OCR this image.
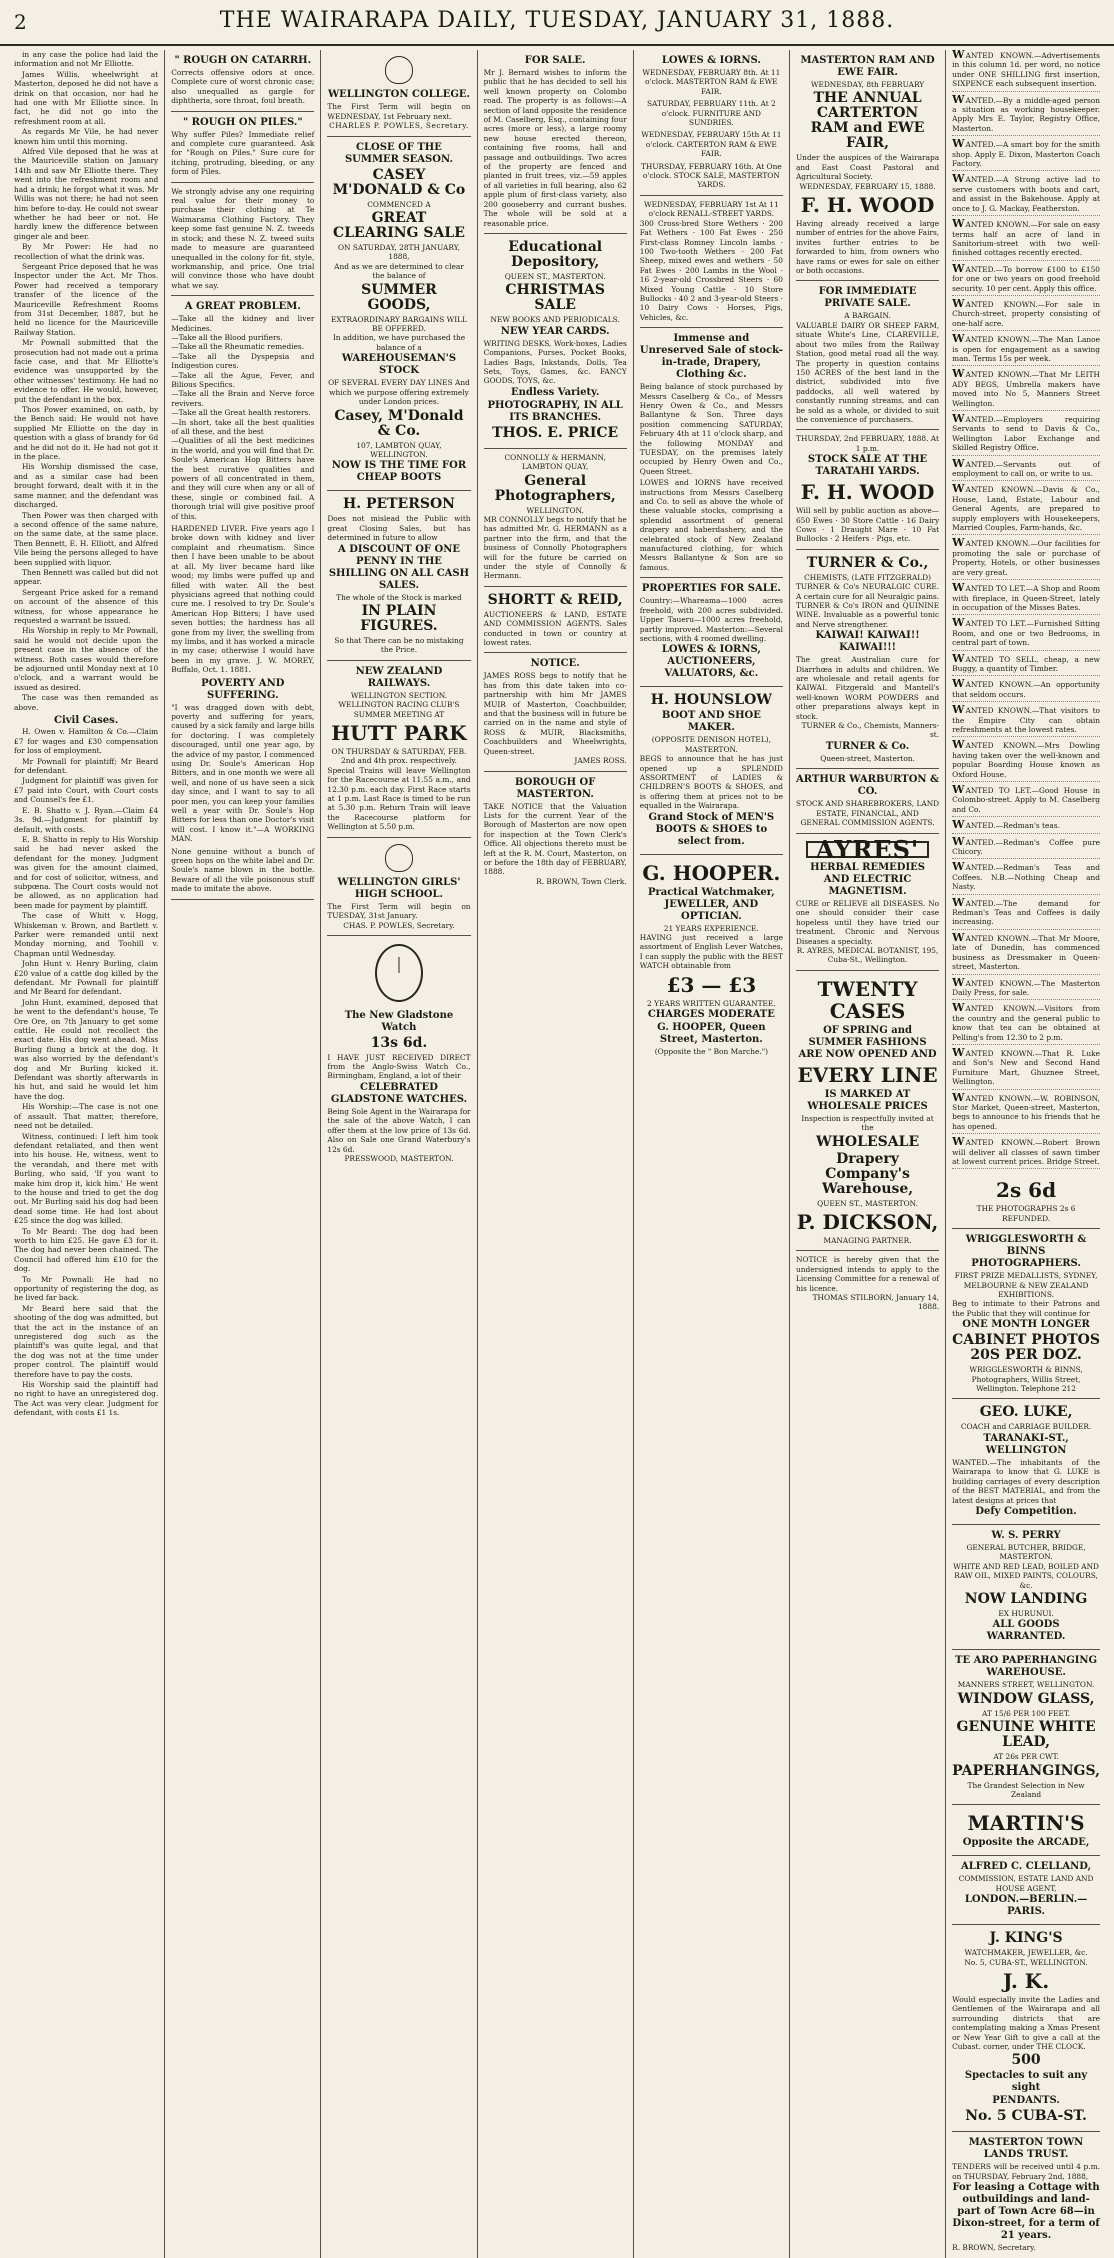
2	THE WAIRARAPA DAILY, TUESDAY, JANUARY 31, 1888.

in any case the police had laid the information and not Mr Elliotte.

James Willis, wheelwright at Masterton, deposed he did not have a drink on that occasion, nor had he had one with Mr Elliotte since. In fact, he did not go into the refreshment room at all.

As regards Mr Vile, he had never known him until this morning.

Alfred Vile deposed that he was at the Mauriceville station on January 14th and saw Mr Elliotte there. They went into the refreshment room and had a drink; he forgot what it was. Mr Willis was not there; he had not seen him before to-day. He could not swear whether he had beer or not. He hardly knew the difference between ginger ale and beer.

By Mr Power: He had no recollection of what the drink was.

Sergeant Price deposed that he was Inspector under the Act. Mr Thos. Power had received a temporary transfer of the licence of the Mauriceville Refreshment Rooms from 31st December, 1887, but he held no licence for the Mauriceville Railway Station.

Mr Pownall submitted that the prosecution had not made out a prima facie case, and that Mr Elliotte's evidence was unsupported by the other witnesses' testimony. He had no evidence to offer. He would, however, put the defendant in the box.

Thos Power examined, on oath, by the Bench said: He would not have supplied Mr Elliotte on the day in question with a glass of brandy for 6d and he did not do it. He had not got it in the place.

His Worship dismissed the case, and as a similar case had been brought forward, dealt with it in the same manner, and the defendant was discharged.

Then Power was then charged with a second offence of the same nature, on the same date, at the same place. Then Bennett, E. H. Elliott, and Alfred Vile being the persons alleged to have been supplied with liquor.

Then Bennett was called but did not appear.

Sergeant Price asked for a remand on account of the absence of this witness, for whose appearance he requested a warrant be issued.

His Worship in reply to Mr Pownall, said he would not decide upon the present case in the absence of the witness. Both cases would therefore be adjourned until Monday next at 10 o'clock, and a warrant would be issued as desired.

The case was then remanded as above.

Civil Cases.

H. Owen v. Hamilton & Co.—Claim £7 for wages and £30 compensation for loss of employment.

Mr Pownall for plaintiff; Mr Beard for defendant.

Judgment for plaintiff was given for £7 paid into Court, with Court costs and Counsel's fee £1.

E. B. Shatto v. J. Ryan.—Claim £4 3s. 9d.—Judgment for plaintiff by default, with costs.

E. B. Shatto in reply to His Worship said he had never asked the defendant for the money. Judgment was given for the amount claimed, and for cost of solicitor, witness, and subpœna. The Court costs would not be allowed, as no application had been made for payment by plaintiff.

The case of Whitt v. Hogg, Whiskeman v. Brown, and Bartlett v. Parker were remanded until next Monday morning, and Toohill v. Chapman until Wednesday.

John Hunt v. Henry Burling, claim £20 value of a cattle dog killed by the defendant. Mr Pownall for plaintiff and Mr Beard for defendant.

John Hunt, examined, deposed that he went to the defendant's house, Te Ore Ore, on 7th January to get some cattle. He could not recollect the exact date. His dog went ahead. Miss Burling flung a brick at the dog. It was also worried by the defendant's dog and Mr Burling kicked it. Defendant was shortly afterwards in his hut, and said he would let him have the dog.

His Worship:—The case is not one of assault. That matter, therefore, need not be detailed.

Witness, continued: I left him took defendant retaliated, and then went into his house. He, witness, went to the verandah, and there met with Burling, who said, 'If you want to make him drop it, kick him.' He went to the house and tried to get the dog out. Mr Burling said his dog had been dead some time. He had lost about £25 since the dog was killed.

To Mr Beard: The dog had been worth to him £25. He gave £3 for it. The dog had never been chained. The Council had offered him £10 for the dog.

To Mr Pownall: He had no opportunity of registering the dog, as he lived far back.

Mr Beard here said that the shooting of the dog was admitted, but that the act in the instance of an unregistered dog such as the plaintiff's was quite legal, and that the dog was not at the time under proper control. The plaintiff would therefore have to pay the costs.

His Worship said the plaintiff had no right to have an unregistered dog. The Act was very clear. Judgment for defendant, with costs £1 1s.

" ROUGH ON CATARRH.
Corrects offensive odors at once. Complete cure of worst chronic case; also unequalled as gargle for diphtheria, sore throat, foul breath.
" ROUGH ON PILES."
Why suffer Piles? Immediate relief and complete cure guaranteed. Ask for "Rough on Piles." Sure cure for itching, protruding, bleeding, or any form of Piles.
We strongly advise any one requiring real value for their money to purchase their clothing at Te Waimarama Clothing Factory. They keep some fast genuine N. Z. tweeds in stock; and these N. Z. tweed suits made to measure are guaranteed unequalled in the colony for fit, style, workmanship, and price. One trial will convince those who have doubt what we say.
A GREAT PROBLEM.
—Take all the kidney and liver Medicines.
—Take all the Blood purifiers.
—Take all the Rheumatic remedies.
—Take all the Dyspepsia and Indigestion cures.
—Take all the Ague, Fever, and Bilious Specifics.
—Take all the Brain and Nerve force revivers.
—Take all the Great health restorers.
—In short, take all the best qualities of all these, and the best
—Qualities of all the best medicines in the world, and you will find that Dr. Soule's American Hop Bitters have the best curative qualities and powers of all concentrated in them, and they will cure when any or all of these, single or combined fail. A thorough trial will give positive proof of this.
HARDENED LIVER. Five years ago I broke down with kidney and liver complaint and rheumatism. Since then I have been unable to be about at all. My liver became hard like wood; my limbs were puffed up and filled with water. All the best physicians agreed that nothing could cure me. I resolved to try Dr. Soule's American Hop Bitters; I have used seven bottles; the hardness has all gone from my liver, the swelling from my limbs, and it has worked a miracle in my case; otherwise I would have been in my grave. J. W. MOREY, Buffalo, Oct. 1. 1881.
POVERTY AND SUFFERING.
"I was dragged down with debt, poverty and suffering for years, caused by a sick family and large bills for doctoring. I was completely discouraged, until one year ago, by the advice of my pastor, I commenced using Dr. Soule's American Hop Bitters, and in one month we were all well, and none of us have seen a sick day since, and I want to say to all poor men, you can keep your families well a year with Dr. Soule's Hop Bitters for less than one Doctor's visit will cost. I know it."—A WORKING MAN.
None genuine without a bunch of green hops on the white label and Dr. Soule's name blown in the bottle. Beware of all the vile poisonous stuff made to imitate the above.
WELLINGTON COLLEGE.
The First Term will begin on WEDNESDAY, 1st February next.
CHARLES P. POWLES, Secretary.
CLOSE OF THE SUMMER SEASON.
CASEY M'DONALD & Co
COMMENCED A
GREAT CLEARING SALE
ON SATURDAY, 28TH JANUARY, 1888,
And as we are determined to clear the balance of
SUMMER GOODS,
EXTRAORDINARY BARGAINS WILL BE OFFERED.
In addition, we have purchased the balance of a
WAREHOUSEMAN'S STOCK
OF SEVERAL EVERY DAY LINES And which we purpose offering extremely under London prices.
Casey, M'Donald & Co.
107, LAMBTON QUAY, WELLINGTON.
NOW IS THE TIME FOR CHEAP BOOTS
H. PETERSON
Does not mislead the Public with great Closing Sales, but has determined in future to allow
A DISCOUNT OF ONE PENNY IN THE SHILLING ON ALL CASH SALES.
The whole of the Stock is marked
IN PLAIN FIGURES.
So that There can be no mistaking the Price.
NEW ZEALAND RAILWAYS.
WELLINGTON SECTION.
WELLINGTON RACING CLUB'S SUMMER MEETING AT
HUTT PARK
ON THURSDAY & SATURDAY, FEB. 2nd and 4th prox. respectively.
Special Trains will leave Wellington for the Racecourse at 11.55 a.m., and 12.30 p.m. each day. First Race starts at 1 p.m. Last Race is timed to be run at 5.30 p.m. Return Train will leave the Racecourse platform for Wellington at 5.50 p.m.
WELLINGTON GIRLS' HIGH SCHOOL.
The First Term will begin on TUESDAY, 31st January.
CHAS. P. POWLES, Secretary.
The New Gladstone Watch
13s 6d.
I HAVE JUST RECEIVED DIRECT from the Anglo-Swiss Watch Co., Birmingham, England, a lot of their
CELEBRATED GLADSTONE WATCHES.
Being Sole Agent in the Wairarapa for the sale of the above Watch, I can offer them at the low price of 13s 6d. Also on Sale one Grand Waterbury's 12s 6d.
PRESSWOOD, MASTERTON.
FOR SALE.
Mr J. Bernard wishes to inform the public that he has decided to sell his well known property on Colombo road. The property is as follows:—A section of land opposite the residence of M. Caselberg, Esq., containing four acres (more or less), a large roomy new house erected thereon, containing five rooms, hall and passage and outbuildings. Two acres of the property are fenced and planted in fruit trees, viz.—59 apples of all varieties in full bearing, also 62 apple plum of first-class variety, also 200 gooseberry and currant bushes. The whole will be sold at a reasonable price.
Educational Depository,
QUEEN ST., MASTERTON.
CHRISTMAS SALE
NEW BOOKS AND PERIODICALS.
NEW YEAR CARDS.
WRITING DESKS, Work-boxes, Ladies Companions, Purses, Pocket Books, Ladies Bags, Inkstands, Dolls, Tea Sets, Toys, Games, &c. FANCY GOODS, TOYS, &c.
Endless Variety.
PHOTOGRAPHY, IN ALL ITS BRANCHES.
THOS. E. PRICE
CONNOLLY & HERMANN, LAMBTON QUAY,
General Photographers,
WELLINGTON.
MR CONNOLLY begs to notify that he has admitted Mr. G. HERMANN as a partner into the firm, and that the business of Connolly Photographers will for the future be carried on under the style of Connolly & Hermann.
SHORTT & REID,
AUCTIONEERS & LAND, ESTATE AND COMMISSION AGENTS. Sales conducted in town or country at lowest rates.
NOTICE.
JAMES ROSS begs to notify that he has from this date taken into co-partnership with him Mr JAMES MUIR of Masterton, Coachbuilder, and that the business will in future be carried on in the name and style of ROSS & MUIR, Blacksmiths, Coachbuilders and Wheelwrights, Queen-street.
JAMES ROSS.
BOROUGH OF MASTERTON.
TAKE NOTICE that the Valuation Lists for the current Year of the Borough of Masterton are now open for inspection at the Town Clerk's Office. All objections thereto must be left at the R. M. Court, Masterton, on or before the 18th day of FEBRUARY, 1888.
R. BROWN, Town Clerk.
LOWES & IORNS.
WEDNESDAY, FEBRUARY 8th. At 11 o'clock. MASTERTON RAM & EWE FAIR.
SATURDAY, FEBRUARY 11th. At 2 o'clock. FURNITURE AND SUNDRIES.
WEDNESDAY, FEBRUARY 15th At 11 o'clock. CARTERTON RAM & EWE FAIR.
THURSDAY, FEBRUARY 16th. At One o'clock. STOCK SALE, MASTERTON YARDS.
WEDNESDAY, FEBRUARY 1st At 11 o'clock RENALL-STREET YARDS.
300 Cross-bred Store Wethers · 200 Fat Wethers · 100 Fat Ewes · 250 First-class Romney Lincoln lambs · 100 Two-tooth Wethers · 200 Fat Sheep, mixed ewes and wethers · 50 Fat Ewes · 200 Lambs in the Wool · 16 2-year-old Crossbred Steers · 60 Mixed Young Cattle · 10 Store Bullocks · 40 2 and 3-year-old Steers · 10 Dairy Cows · Horses, Pigs, Vehicles, &c.
Immense and Unreserved Sale of stock-in-trade, Drapery, Clothing &c.
Being balance of stock purchased by Messrs Caselberg & Co., of Messrs Henry Owen & Co., and Messrs Ballantyne & Son. Three days position commencing SATURDAY, February 4th at 11 o'clock sharp, and the following MONDAY and TUESDAY, on the premises lately occupied by Henry Owen and Co., Queen Street.
LOWES and IORNS have received instructions from Messrs Caselberg and Co. to sell as above the whole of these valuable stocks, comprising a splendid assortment of general drapery and haberdashery, and the celebrated stock of New Zealand manufactured clothing, for which Messrs Ballantyne & Son are so famous.
PROPERTIES FOR SALE.
Country:—Whareama—1000 acres freehold, with 200 acres subdivided. Upper Taueru—1000 acres freehold, partly improved. Masterton:—Several sections, with 4 roomed dwelling.
LOWES & IORNS, AUCTIONEERS, VALUATORS, &c.
H. HOUNSLOW
BOOT AND SHOE MAKER.
(OPPOSITE DENISON HOTEL), MASTERTON.
BEGS to announce that he has just opened up a SPLENDID ASSORTMENT of LADIES & CHILDREN'S BOOTS & SHOES, and is offering them at prices not to be equalled in the Wairarapa.
Grand Stock of MEN'S BOOTS & SHOES to select from.
G. HOOPER.
Practical Watchmaker, JEWELLER, AND OPTICIAN.
21 YEARS EXPERIENCE.
HAVING just received a large assortment of English Lever Watches, I can supply the public with the BEST WATCH obtainable from
£3 — £3
2 YEARS WRITTEN GUARANTEE.
CHARGES MODERATE
G. HOOPER, Queen Street, Masterton.
(Opposite the " Bon Marche.")
MASTERTON RAM AND EWE FAIR.
WEDNESDAY, 8th FEBRUARY
THE ANNUAL CARTERTON RAM and EWE FAIR,
Under the auspices of the Wairarapa and East Coast Pastoral and Agricultural Society.
WEDNESDAY, FEBRUARY 15, 1888.
F. H. WOOD
Having already received a large number of entries for the above Fairs, invites further entries to be forwarded to him, from owners who have rams or ewes for sale on either or both occasions.
FOR IMMEDIATE PRIVATE SALE.
A BARGAIN.
VALUABLE DAIRY OR SHEEP FARM, situate White's Line, CLAREVILLE, about two miles from the Railway Station, good metal road all the way. The property in question contains 150 ACRES of the best land in the district, subdivided into five paddocks, all well watered by constantly running streams, and can be sold as a whole, or divided to suit the convenience of purchasers.
THURSDAY, 2nd FEBRUARY, 1888. At 1 p.m.
STOCK SALE AT THE TARATAHI YARDS.
F. H. WOOD
Will sell by public auction as above—650 Ewes · 30 Store Cattle · 16 Dairy Cows · 1 Draught Mare · 10 Fat Bullocks · 2 Heifers · Pigs, etc.
TURNER & Co.,
CHEMISTS, (LATE FITZGERALD)
TURNER & Co's NEURALGIC CURE. A certain cure for all Neuralgic pains. TURNER & Co's IRON and QUININE WINE. Invaluable as a powerful tonic and Nerve strengthener.
KAIWAI! KAIWAI!! KAIWAI!!!
The great Australian cure for Diarrhœa in adults and children. We are wholesale and retail agents for KAIWAI. Fitzgerald and Mantell's well-known WORM POWDERS and other preparations always kept in stock.
TURNER & Co., Chemists, Manners-st.
TURNER & Co.
Queen-street, Masterton.
ARTHUR WARBURTON & CO.
STOCK AND SHAREBROKERS, LAND ESTATE, FINANCIAL, AND GENERAL COMMISSION AGENTS.
AYRES'
HERBAL REMEDIES AND ELECTRIC MAGNETISM.
CURE or RELIEVE all DISEASES. No one should consider their case hopeless until they have tried our treatment. Chronic and Nervous Diseases a specialty.
R. AYRES, MEDICAL BOTANIST, 195, Cuba-St., Wellington.
TWENTY CASES
OF SPRING and SUMMER FASHIONS ARE NOW OPENED AND
EVERY LINE
IS MARKED AT WHOLESALE PRICES
Inspection is respectfully invited at the
WHOLESALE
Drapery Company's Warehouse,
QUEEN ST., MASTERTON.
P. DICKSON,
MANAGING PARTNER.
NOTICE is hereby given that the undersigned intends to apply to the Licensing Committee for a renewal of his licence.
THOMAS STILBORN, January 14, 1888.

W ANTED KNOWN.—Advertisements in this column 1d. per word, no notice under ONE SHILLING first insertion, SIXPENCE each subsequent insertion.

W ANTED.—By a middle-aged person a situation as working housekeeper. Apply Mrs E. Taylor, Registry Office, Masterton.

W ANTED.—A smart boy for the smith shop. Apply E. Dixon, Masterton Coach Factory.

W ANTED.—A Strong active lad to serve customers with boots and cart, and assist in the Bakehouse. Apply at once to J. G. Mackay, Featherston.

W ANTED KNOWN.—For sale on easy terms half an acre of land in Sanitorium-street with two well-finished cottages recently erected.

W ANTED.—To borrow £100 to £150 for one or two years on good freehold security. 10 per cent. Apply this office.

W ANTED KNOWN.—For sale in Church-street, property consisting of one-half acre.

W ANTED KNOWN.—The Man Lanoe is open for engagement as a sawing man. Terms 15s per week.

W ANTED KNOWN.—That Mr LEITH ADY BEGS, Umbrella makers have moved into No 5, Manners Street Wellington.

W ANTED.—Employers requiring Servants to send to Davis & Co., Wellington Labor Exchange and Skilled Registry Office.

W ANTED.—Servants out of employment to call on, or write to us.

W ANTED KNOWN.—Davis & Co., House, Land, Estate, Labour and General Agents, are prepared to supply employers with Housekeepers, Married Couples, Farm-hands, &c.

W ANTED KNOWN.—Our facilities for promoting the sale or purchase of Property, Hotels, or other businesses are very great.

W ANTED TO LET.—A Shop and Room with fireplace, in Queen-Street, lately in occupation of the Misses Bates.

W ANTED TO LET.—Furnished Sitting Room, and one or two Bedrooms, in central part of town.

W ANTED TO SELL, cheap, a new Buggy, a quantity of Timber.

W ANTED KNOWN.—An opportunity that seldom occurs.

W ANTED KNOWN.—That visitors to the Empire City can obtain refreshments at the lowest rates.

W ANTED KNOWN.—Mrs Dowling having taken over the well-known and popular Boarding House known as Oxford House.

W ANTED TO LET.—Good House in Colombo-street. Apply to M. Caselberg and Co.

W ANTED.—Redman's teas.

W ANTED.—Redman's Coffee pure Chicory.

W ANTED.—Redman's Teas and Coffees. N.B.—Nothing Cheap and Nasty.

W ANTED.—The demand for Redman's Teas and Coffees is daily increasing.

W ANTED KNOWN.—That Mr Moore, late of Dunedin, has commenced business as Dressmaker in Queen-street, Masterton.

W ANTED KNOWN.—The Masterton Daily Press, for sale.

W ANTED KNOWN.—Visitors from the country and the general public to know that tea can be obtained at Pelling's from 12.30 to 2 p.m.

W ANTED KNOWN.—That R. Luke and Son's New and Second Hand Furniture Mart, Ghuznee Street, Wellington.

W ANTED KNOWN.—W. ROBINSON, Stor Market, Queen-street, Masterton, begs to announce to his friends that he has opened.

W ANTED KNOWN.—Robert Brown will deliver all classes of sawn timber at lowest current prices. Bridge Street.

2s 6d
THE PHOTOGRAPHS 2s 6 REFUNDED.
WRIGGLESWORTH & BINNS PHOTOGRAPHERS.
FIRST PRIZE MEDALLISTS, SYDNEY, MELBOURNE & NEW ZEALAND EXHIBITIONS.
Beg to intimate to their Patrons and the Public that they will continue for
ONE MONTH LONGER
CABINET PHOTOS 20S PER DOZ.
WRIGGLESWORTH & BINNS, Photographers, Willis Street, Wellington. Telephone 212
GEO. LUKE,
COACH and CARRIAGE BUILDER.
TARANAKI-ST., WELLINGTON
WANTED.—The inhabitants of the Wairarapa to know that G. LUKE is building carriages of every description of the BEST MATERIAL, and from the latest designs at prices that
Defy Competition.
W. S. PERRY
GENERAL BUTCHER, BRIDGE, MASTERTON.
WHITE AND RED LEAD, BOILED AND RAW OIL, MIXED PAINTS, COLOURS, &c.
NOW LANDING
EX HURUNUI.
ALL GOODS WARRANTED.
TE ARO PAPERHANGING WAREHOUSE.
MANNERS STREET, WELLINGTON.
WINDOW GLASS,
AT 15/6 PER 100 FEET.
GENUINE WHITE LEAD,
AT 26s PER CWT.
PAPERHANGINGS,
The Grandest Selection in New Zealand
MARTIN'S
Opposite the ARCADE,
ALFRED C. CLELLAND,
COMMISSION, ESTATE LAND AND HOUSE AGENT,
LONDON.—BERLIN.—PARIS.
J. KING'S
WATCHMAKER, JEWELLER, &c.
No. 5, CUBA-ST., WELLINGTON.
J. K.
Would especially invite the Ladies and Gentlemen of the Wairarapa and all surrounding districts that are contemplating making a Xmas Present or New Year Gift to give a call at the Cubast. corner, under THE CLOCK.
500
Spectacles to suit any sight
PENDANTS.
No. 5 CUBA-ST.
MASTERTON TOWN LANDS TRUST.
TENDERS will be received until 4 p.m. on THURSDAY, February 2nd, 1888,
For leasing a Cottage with outbuildings and land-part of Town Acre 68—in Dixon-street, for a term of 21 years.
R. BROWN, Secretary.
